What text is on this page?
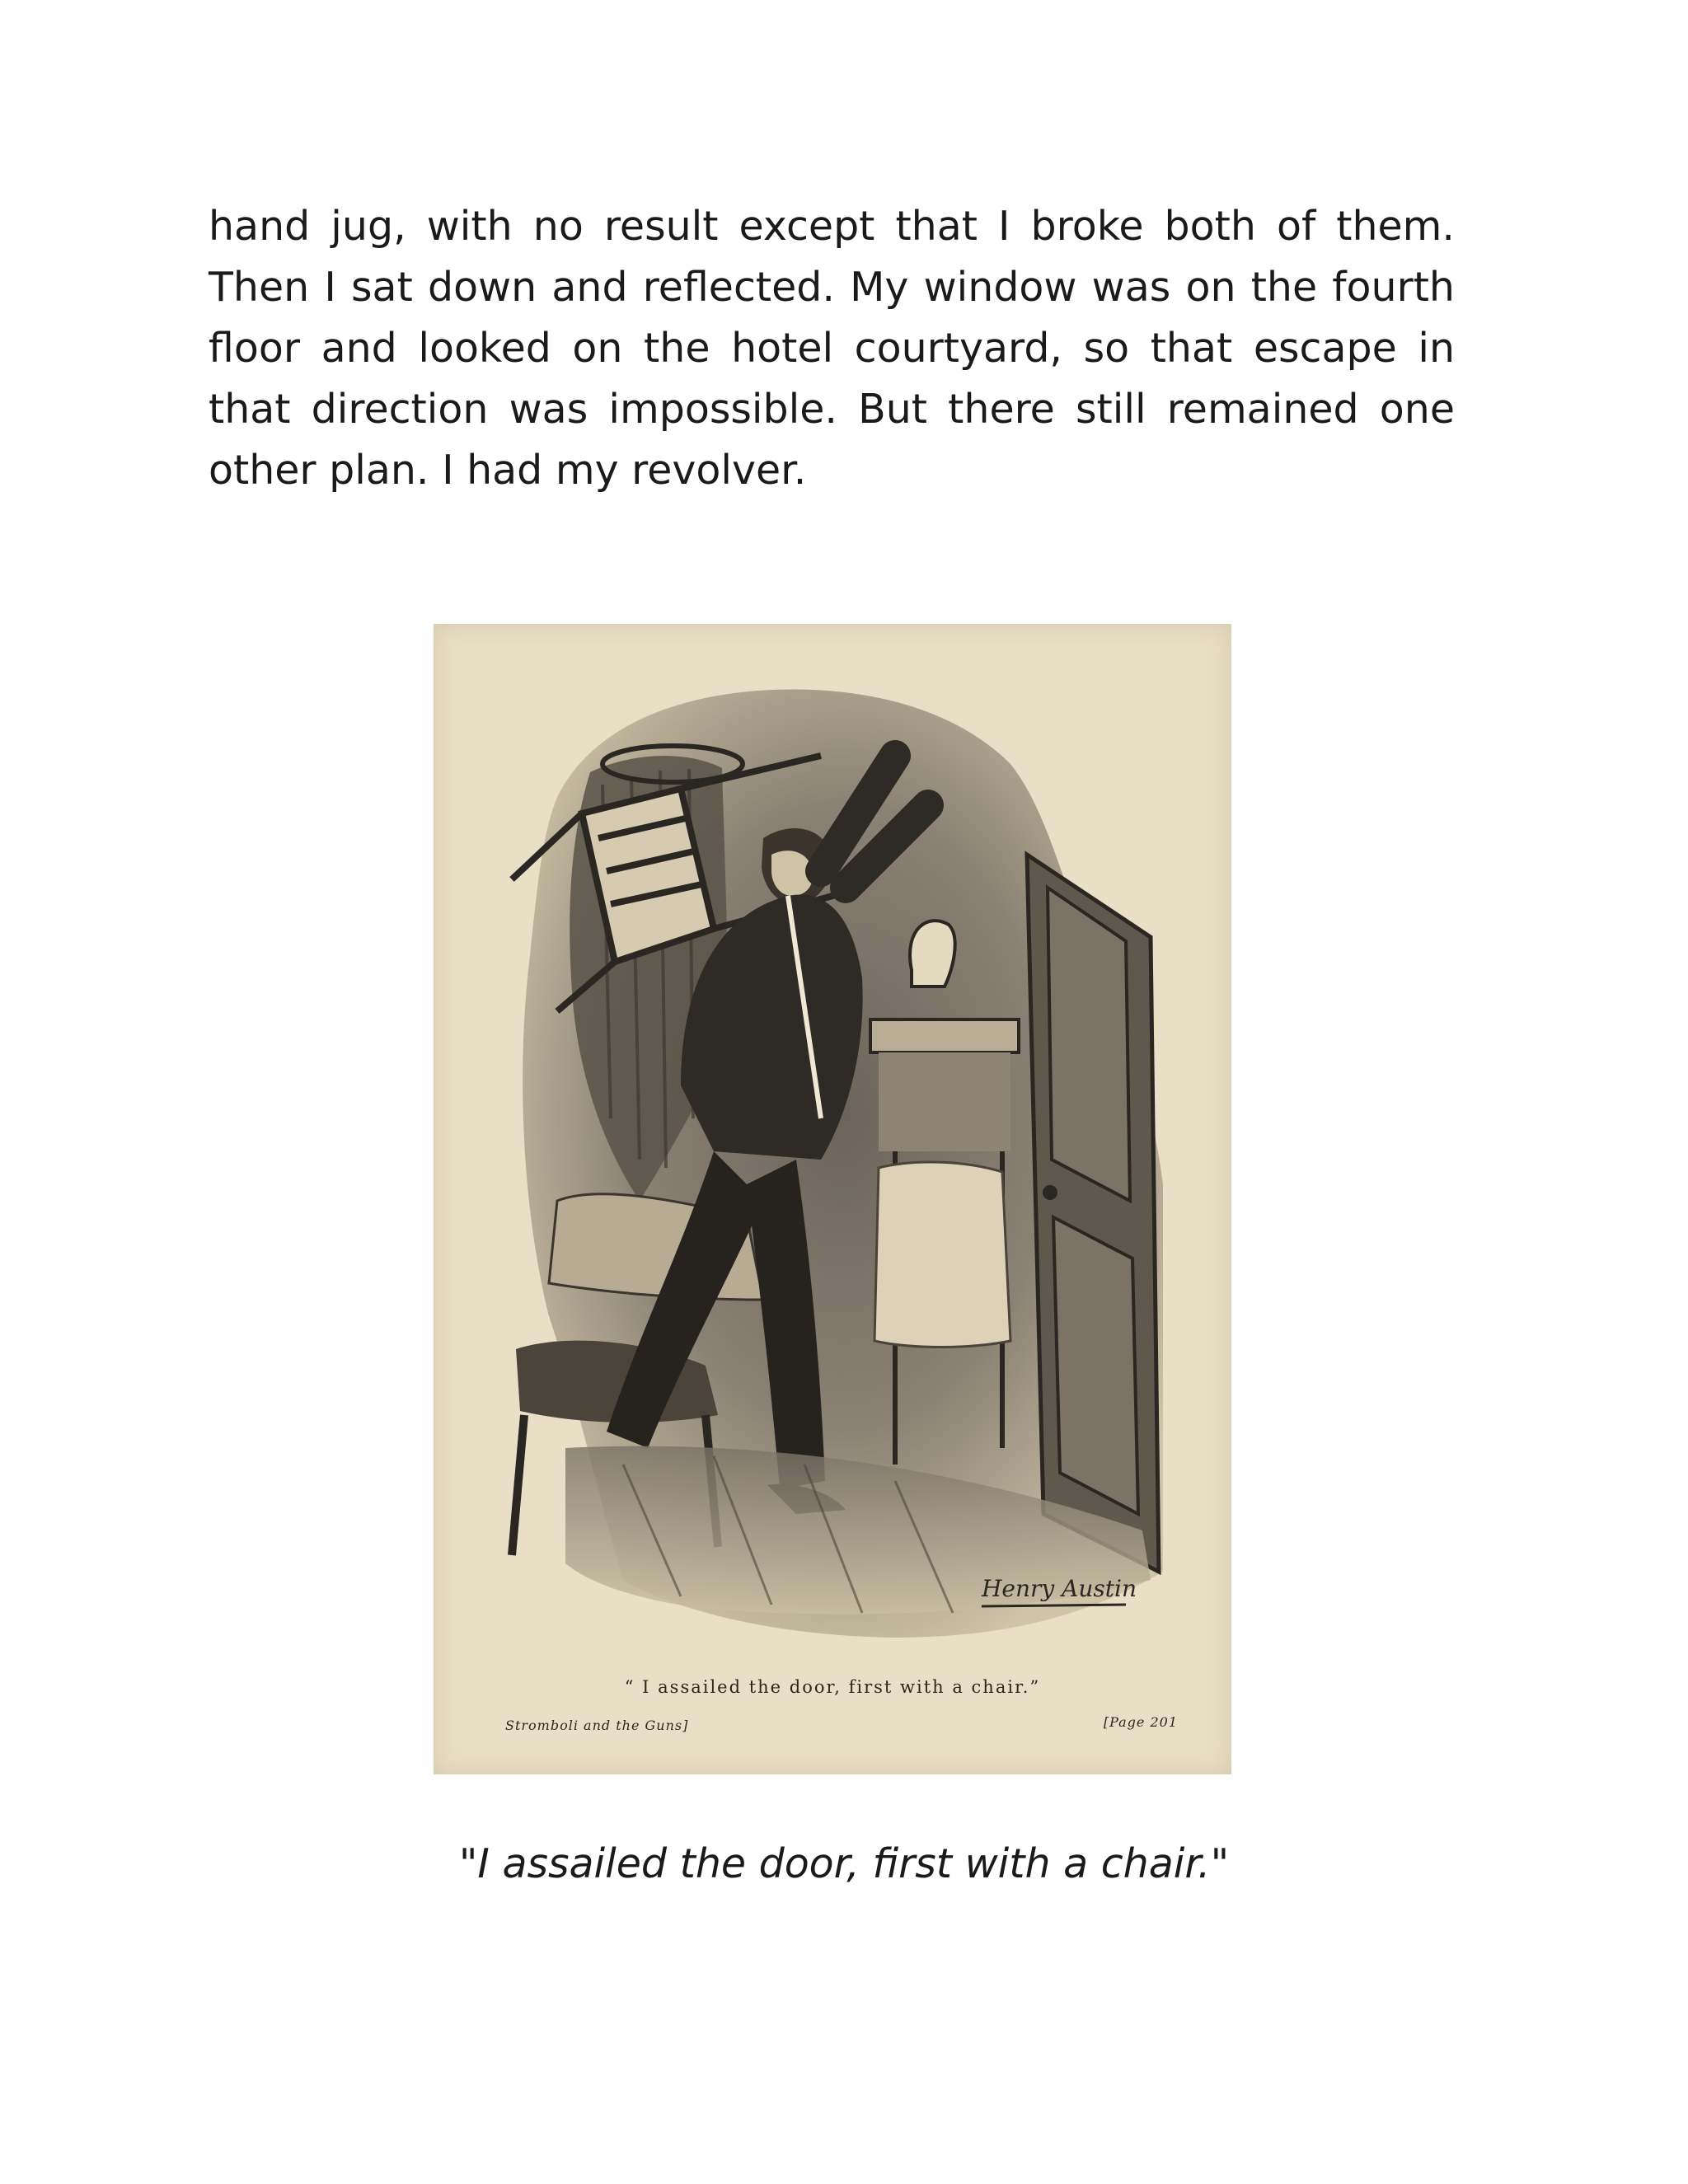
hand jug, with no result except that I broke both of them. Then I sat down and reflected. My window was on the fourth floor and looked on the hotel courtyard, so that escape in that direction was impossible. But there still remained one other plan. I had my revolver.

Henry Austin
“ I assailed the door, first with a chair.”
Stromboli and the Guns]	[Page 201
"I assailed the door, first with a chair."
